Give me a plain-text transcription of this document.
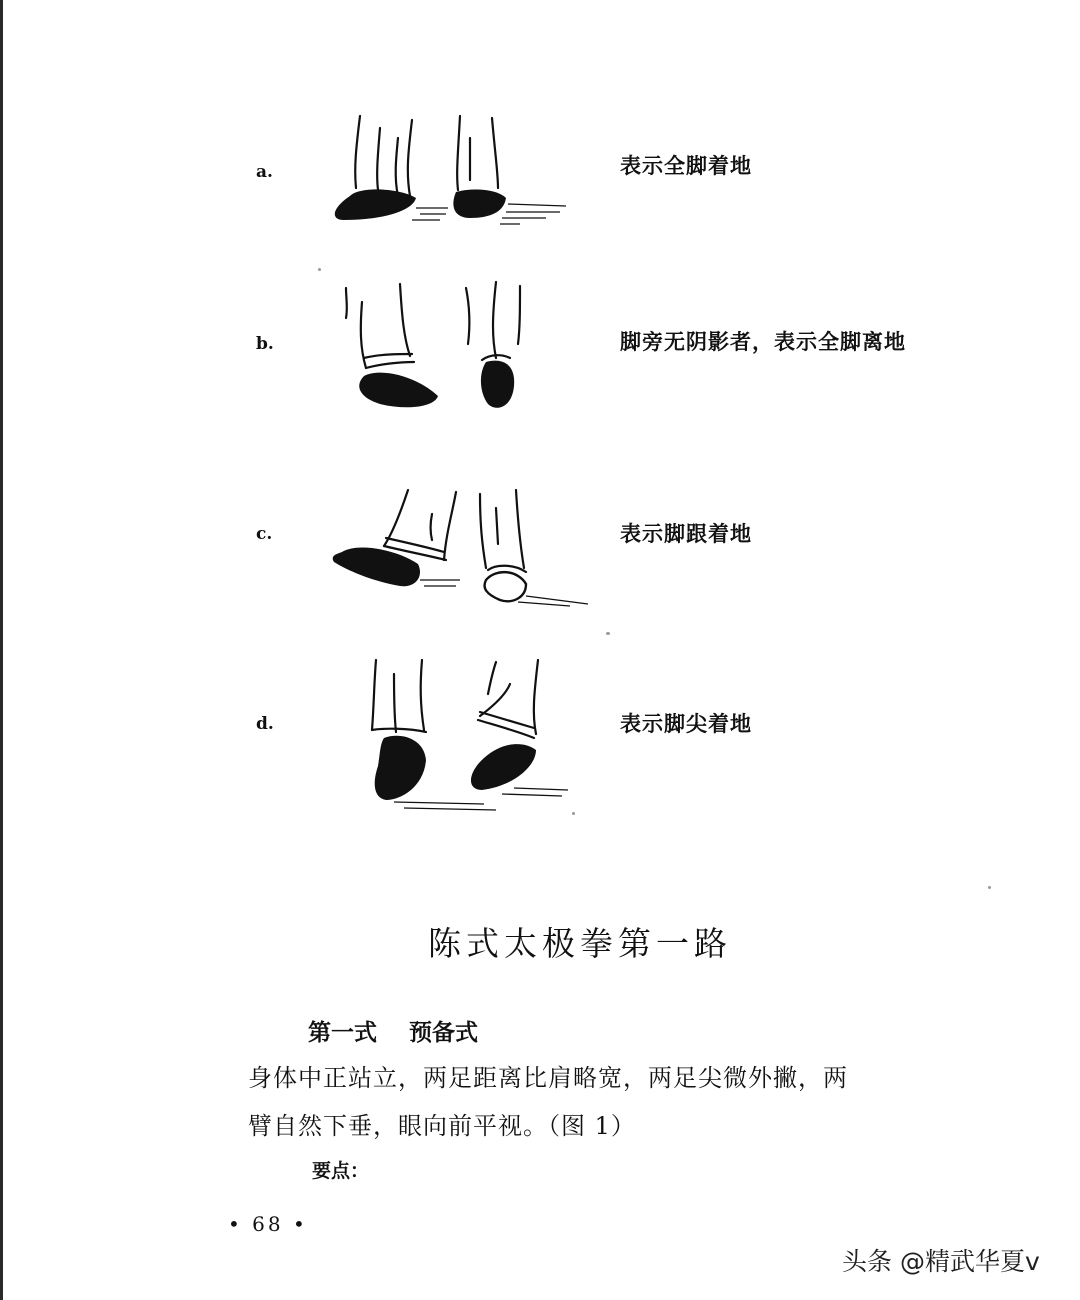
a.	表示全脚着地
b.	脚旁无阴影者，表示全脚离地
c.	表示脚跟着地
d.	表示脚尖着地
陈式太极拳第一路
第一式 预备式
身体中正站立，两足距离比肩略宽，两足尖微外撇，两
臂自然下垂，眼向前平视。（图 1）
要点：
• 68 •
头条 @精武华夏v
